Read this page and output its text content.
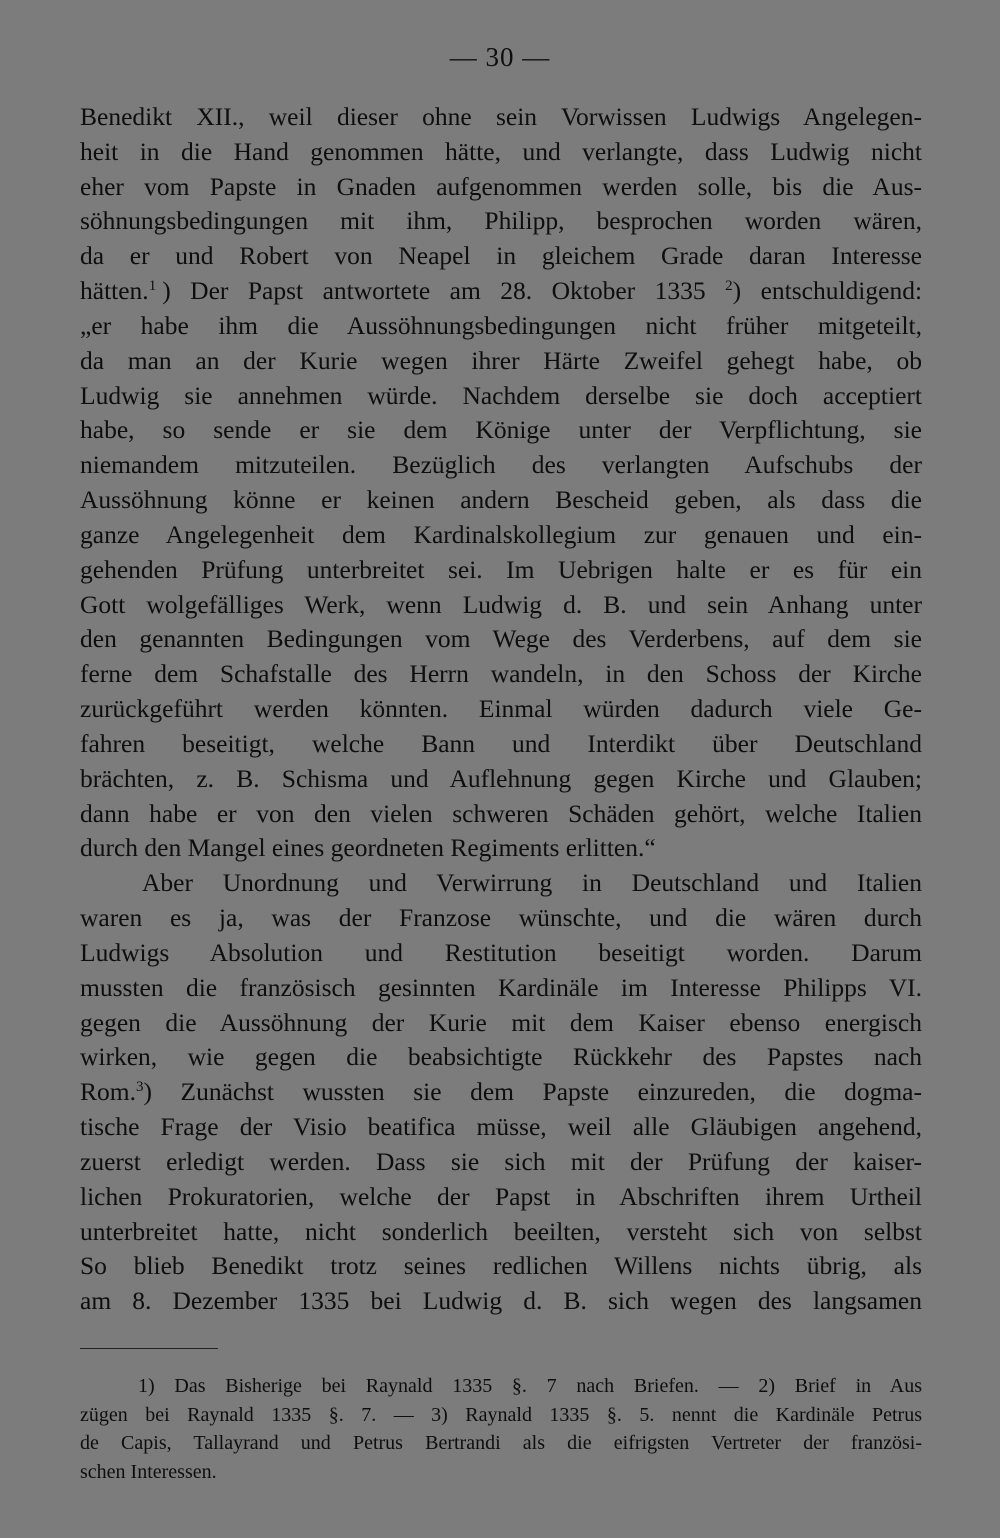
— 30 —
Benedikt XII., weil dieser ohne sein Vorwissen Ludwigs Angelegen-
heit in die Hand genommen hätte, und verlangte, dass Ludwig nicht
eher vom Papste in Gnaden aufgenommen werden solle, bis die Aus-
söhnungsbedingungen mit ihm, Philipp, besprochen worden wären,
da er und Robert von Neapel in gleichem Grade daran Interesse
hätten.$^1$ ) Der Papst antwortete am 28. Oktober 1335 $^2$) entschuldigend:
„er habe ihm die Aussöhnungsbedingungen nicht früher mitgeteilt,
da man an der Kurie wegen ihrer Härte Zweifel gehegt habe, ob
Ludwig sie annehmen würde. Nachdem derselbe sie doch acceptiert
habe, so sende er sie dem Könige unter der Verpflichtung, sie
niemandem mitzuteilen. Bezüglich des verlangten Aufschubs der
Aussöhnung könne er keinen andern Bescheid geben, als dass die
ganze Angelegenheit dem Kardinalskollegium zur genauen und ein-
gehenden Prüfung unterbreitet sei. Im Uebrigen halte er es für ein
Gott wolgefälliges Werk, wenn Ludwig d. B. und sein Anhang unter
den genannten Bedingungen vom Wege des Verderbens, auf dem sie
ferne dem Schafstalle des Herrn wandeln, in den Schoss der Kirche
zurückgeführt werden könnten. Einmal würden dadurch viele Ge-
fahren beseitigt, welche Bann und Interdikt über Deutschland
brächten, z. B. Schisma und Auflehnung gegen Kirche und Glauben;
dann habe er von den vielen schweren Schäden gehört, welche Italien
durch den Mangel eines geordneten Regiments erlitten.“
Aber Unordnung und Verwirrung in Deutschland und Italien
waren es ja, was der Franzose wünschte, und die wären durch
Ludwigs Absolution und Restitution beseitigt worden. Darum
mussten die französisch gesinnten Kardinäle im Interesse Philipps VI.
gegen die Aussöhnung der Kurie mit dem Kaiser ebenso energisch
wirken, wie gegen die beabsichtigte Rückkehr des Papstes nach
Rom.$^3$) Zunächst wussten sie dem Papste einzureden, die dogma-
tische Frage der Visio beatifica müsse, weil alle Gläubigen angehend,
zuerst erledigt werden. Dass sie sich mit der Prüfung der kaiser-
lichen Prokuratorien, welche der Papst in Abschriften ihrem Urtheil
unterbreitet hatte, nicht sonderlich beeilten, versteht sich von selbst
So blieb Benedikt trotz seines redlichen Willens nichts übrig, als
am 8. Dezember 1335 bei Ludwig d. B. sich wegen des langsamen
1) Das Bisherige bei Raynald 1335 §. 7 nach Briefen. — 2) Brief in Aus
zügen bei Raynald 1335 §. 7. — 3) Raynald 1335 §. 5. nennt die Kardinäle Petrus
de Capis, Tallayrand und Petrus Bertrandi als die eifrigsten Vertreter der französi-
schen Interessen.
